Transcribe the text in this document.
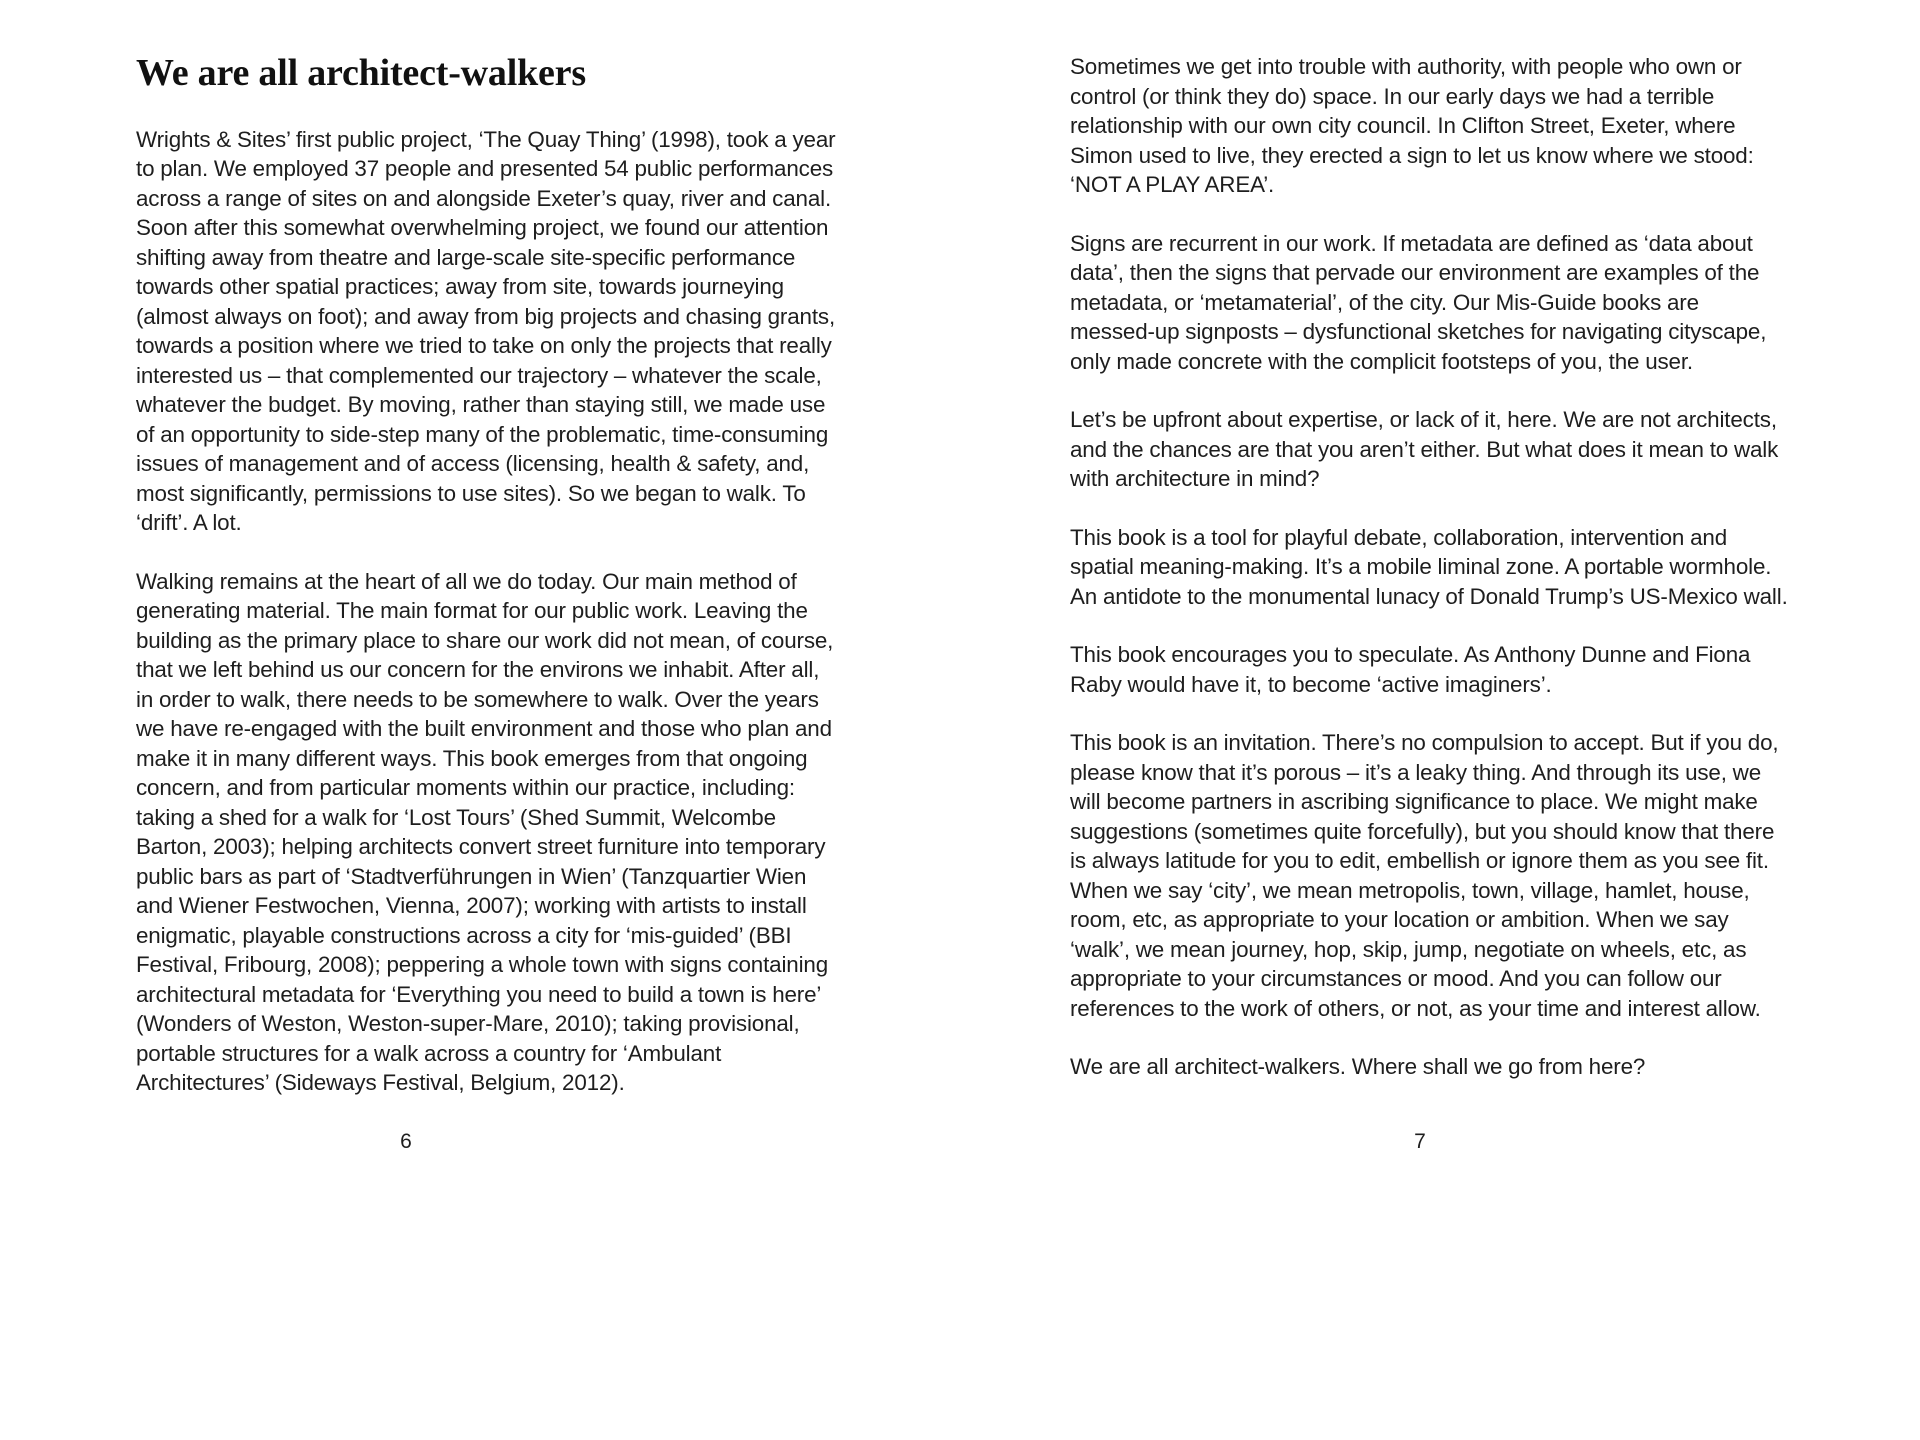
We are all architect-walkers

Wrights & Sites’ first public project, ‘The Quay Thing’ (1998), took a year to plan. We employed 37 people and presented 54 public performances across a range of sites on and alongside Exeter’s quay, river and canal. Soon after this somewhat overwhelming project, we found our attention shifting away from theatre and large-scale site-specific performance towards other spatial practices; away from site, towards journeying (almost always on foot); and away from big projects and chasing grants, towards a position where we tried to take on only the projects that really interested us – that complemented our trajectory – whatever the scale, whatever the budget. By moving, rather than staying still, we made use of an opportunity to side-step many of the problematic, time-consuming issues of management and of access (licensing, health & safety, and, most significantly, permissions to use sites). So we began to walk. To ‘drift’. A lot.

Walking remains at the heart of all we do today. Our main method of generating material. The main format for our public work. Leaving the building as the primary place to share our work did not mean, of course, that we left behind us our concern for the environs we inhabit. After all, in order to walk, there needs to be somewhere to walk. Over the years we have re-engaged with the built environment and those who plan and make it in many different ways. This book emerges from that ongoing concern, and from particular moments within our practice, including: taking a shed for a walk for ‘Lost Tours’ (Shed Summit, Welcombe Barton, 2003); helping architects convert street furniture into temporary public bars as part of ‘Stadtverführungen in Wien’ (Tanzquartier Wien and Wiener Festwochen, Vienna, 2007); working with artists to install enigmatic, playable constructions across a city for ‘mis-guided’ (BBI Festival, Fribourg, 2008); peppering a whole town with signs containing architectural metadata for ‘Everything you need to build a town is here’ (Wonders of Weston, Weston-super-Mare, 2010); taking provisional, portable structures for a walk across a country for ‘Ambulant Architectures’ (Sideways Festival, Belgium, 2012).

6

Sometimes we get into trouble with authority, with people who own or control (or think they do) space. In our early days we had a terrible relationship with our own city council. In Clifton Street, Exeter, where Simon used to live, they erected a sign to let us know where we stood: ‘NOT A PLAY AREA’.

Signs are recurrent in our work. If metadata are defined as ‘data about data’, then the signs that pervade our environment are examples of the metadata, or ‘metamaterial’, of the city. Our Mis-Guide books are messed-up signposts – dysfunctional sketches for navigating cityscape, only made concrete with the complicit footsteps of you, the user.

Let’s be upfront about expertise, or lack of it, here. We are not architects, and the chances are that you aren’t either. But what does it mean to walk with architecture in mind?

This book is a tool for playful debate, collaboration, intervention and spatial meaning-making. It’s a mobile liminal zone. A portable wormhole. An antidote to the monumental lunacy of Donald Trump’s US-Mexico wall.

This book encourages you to speculate. As Anthony Dunne and Fiona Raby would have it, to become ‘active imaginers’.

This book is an invitation. There’s no compulsion to accept. But if you do, please know that it’s porous – it’s a leaky thing. And through its use, we will become partners in ascribing significance to place. We might make suggestions (sometimes quite forcefully), but you should know that there is always latitude for you to edit, embellish or ignore them as you see fit. When we say ‘city’, we mean metropolis, town, village, hamlet, house, room, etc, as appropriate to your location or ambition. When we say ‘walk’, we mean journey, hop, skip, jump, negotiate on wheels, etc, as appropriate to your circumstances or mood. And you can follow our references to the work of others, or not, as your time and interest allow.

We are all architect-walkers. Where shall we go from here?

7
